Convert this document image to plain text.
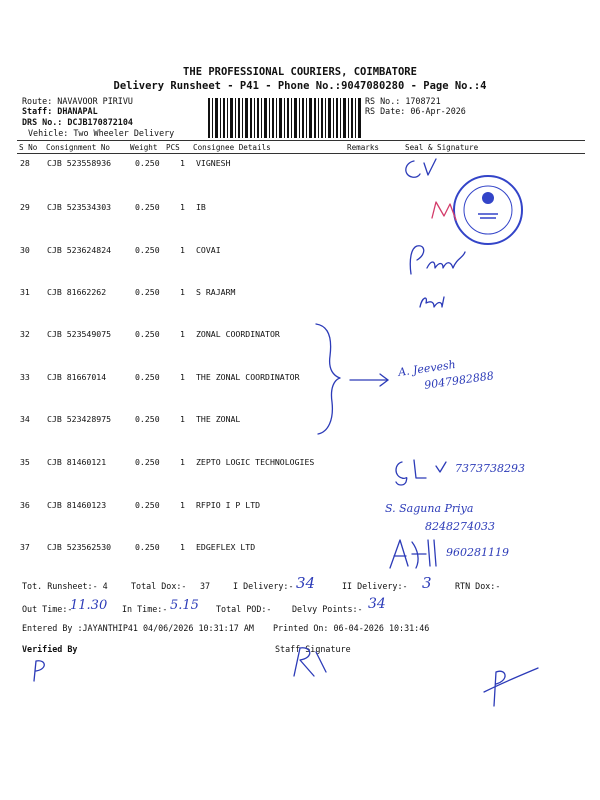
THE PROFESSIONAL COURIERS, COIMBATORE
Delivery Runsheet - P41 - Phone No.:9047080280 - Page No.:4
Route: NAVAVOOR PIRIVU
Staff: DHANAPAL
DRS No.: DCJB170872104
Vehicle: Two Wheeler Delivery
RS No.: 1708721
RS Date: 06-Apr-2026
S No Consignment No	Weight PCS Consignee Details	Remarks	Seal & Signature
28 CJB 523558936	0.250 1 VIGNESH
29 CJB 523534303	0.250 1 IB
30 CJB 523624824	0.250 1 COVAI
31 CJB 81662262	0.250 1 S RAJARM
32 CJB 523549075	0.250 1 ZONAL COORDINATOR
33 CJB 81667014	0.250 1 THE ZONAL COORDINATOR
34 CJB 523428975	0.250 1 THE ZONAL
35 CJB 81460121	0.250 1 ZEPTO LOGIC TECHNOLOGIES
36 CJB 81460123	0.250 1 RFPIO I P LTD
37 CJB 523562530	0.250 1 EDGEFLEX LTD
A. Jeevesh
9047982888
7373738293
S. Saguna Priya
8248274033
960281119
Tot. Runsheet:- 4	Total Dox:- 37	I Delivery:- 34	II Delivery:- 3	RTN Dox:-
Out Time:-
11.30 In Time:- 5.15 Total POD:- Delvy Points:- 34
Entered By :JAYANTHIP41 04/06/2026 10:31:17 AM Printed On: 06-04-2026 10:31:46
Verified By	Staff Signature
